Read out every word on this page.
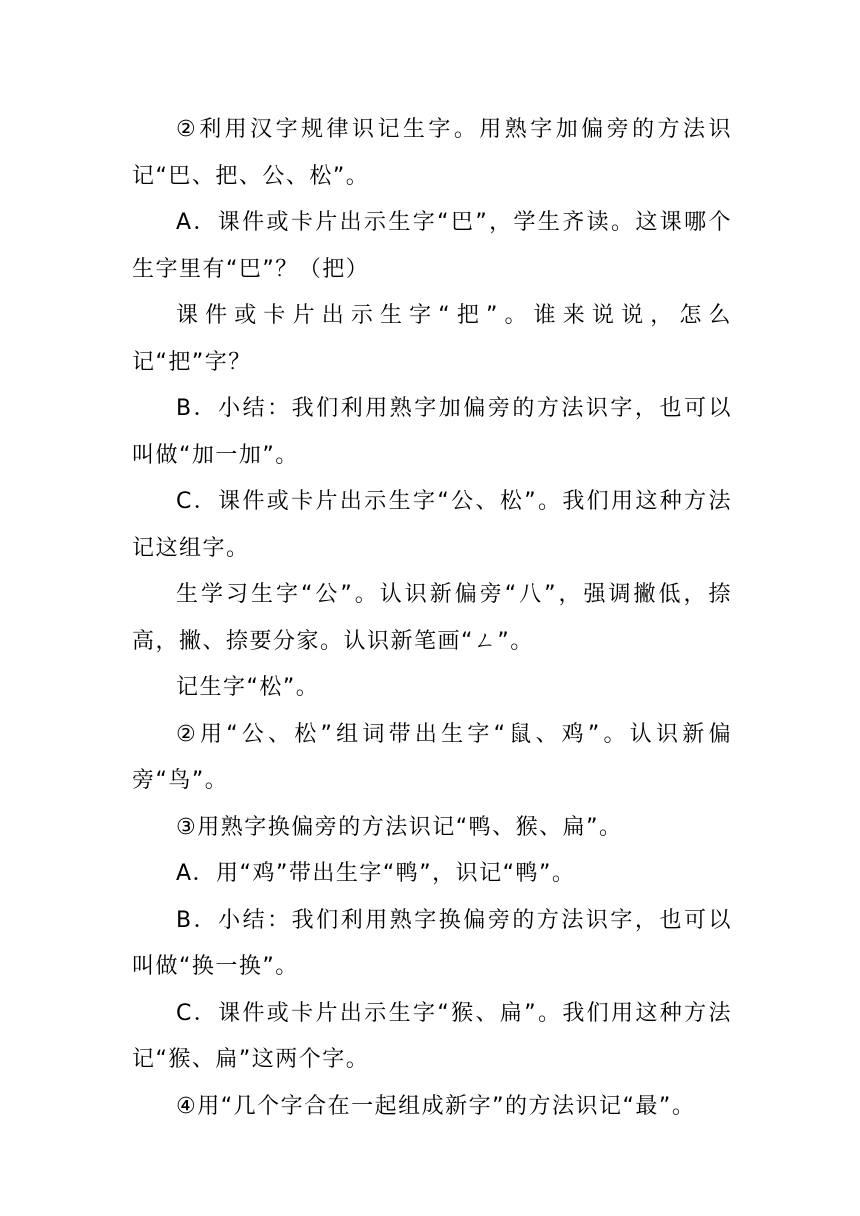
②利用汉字规律识记生字。用熟字加偏旁的方法识记“巴、把、公、松”。

A．课件或卡片出示生字“巴”，学生齐读。这课哪个生字里有“巴”？（把）

课件或卡片出示生字“把”。谁来说说，怎么记“把”字？

B．小结：我们利用熟字加偏旁的方法识字，也可以叫做“加一加”。

C．课件或卡片出示生字“公、松”。我们用这种方法记这组字。

生学习生字“公”。认识新偏旁“八”，强调撇低，捺高，撇、捺要分家。认识新笔画“ㄥ”。

记生字“松”。

②用“公、松”组词带出生字“鼠、鸡”。认识新偏旁“鸟”。

③用熟字换偏旁的方法识记“鸭、猴、扁”。

A．用“鸡”带出生字“鸭”，识记“鸭”。

B．小结：我们利用熟字换偏旁的方法识字，也可以叫做“换一换”。

C．课件或卡片出示生字“猴、扁”。我们用这种方法记“猴、扁”这两个字。

④用“几个字合在一起组成新字”的方法识记“最”。
